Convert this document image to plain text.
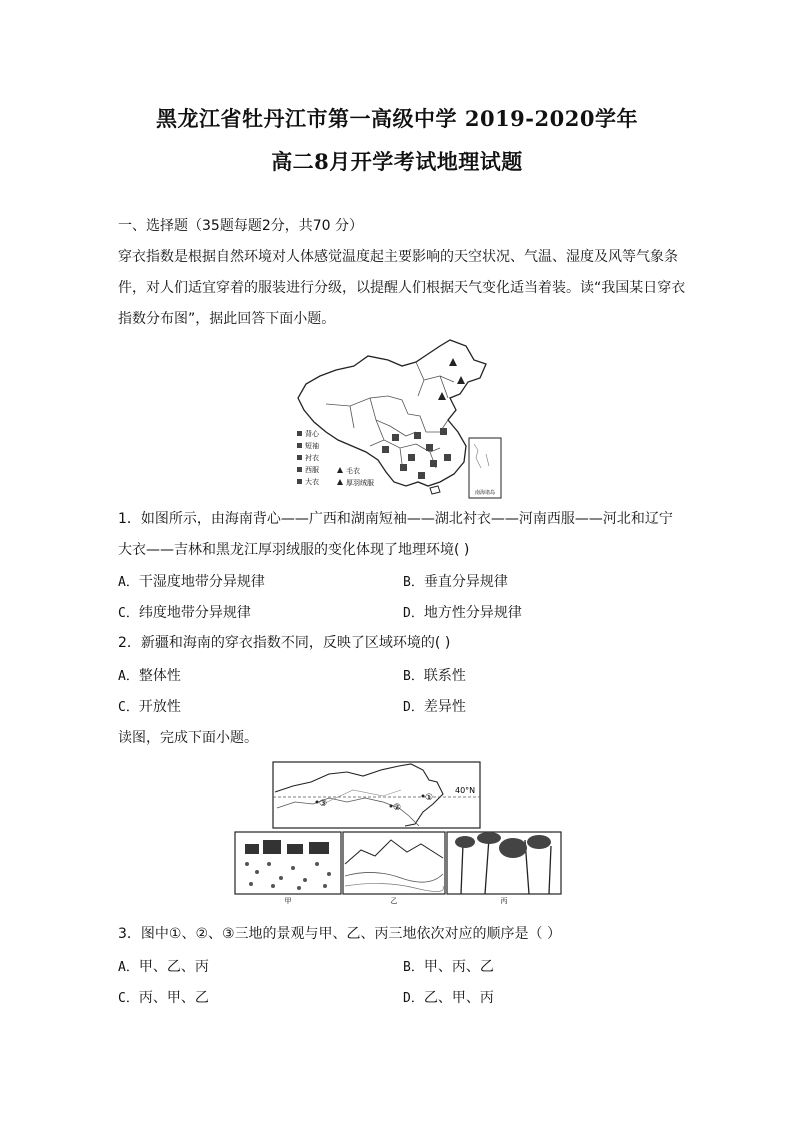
黑龙江省牡丹江市第一高级中学 2019-2020学年
高二8月开学考试地理试题
一、选择题（35题每题2分，共70 分）
穿衣指数是根据自然环境对人体感觉温度起主要影响的天空状况、气温、湿度及风等气象条件，对人们适宜穿着的服装进行分级，以提醒人们根据天气变化适当着装。读“我国某日穿衣指数分布图”，据此回答下面小题。
南海诸岛
背心
短袖
衬衣
西服
大衣
毛衣
厚羽绒服
1．如图所示，由海南背心——广西和湖南短袖——湖北衬衣——河南西服——河北和辽宁
大衣——吉林和黑龙江厚羽绒服的变化体现了地理环境( )
A．干湿度地带分异规律	B．垂直分异规律
C．纬度地带分异规律	D．地方性分异规律
2．新疆和海南的穿衣指数不同，反映了区域环境的( )
A．整体性	B．联系性
C．开放性	D．差异性
读图，完成下面小题。
40°N
①
②
③
甲	乙	丙
3．图中①、②、③三地的景观与甲、乙、丙三地依次对应的顺序是（ ）
A．甲、乙、丙	B．甲、丙、乙
C．丙、甲、乙	D．乙、甲、丙
